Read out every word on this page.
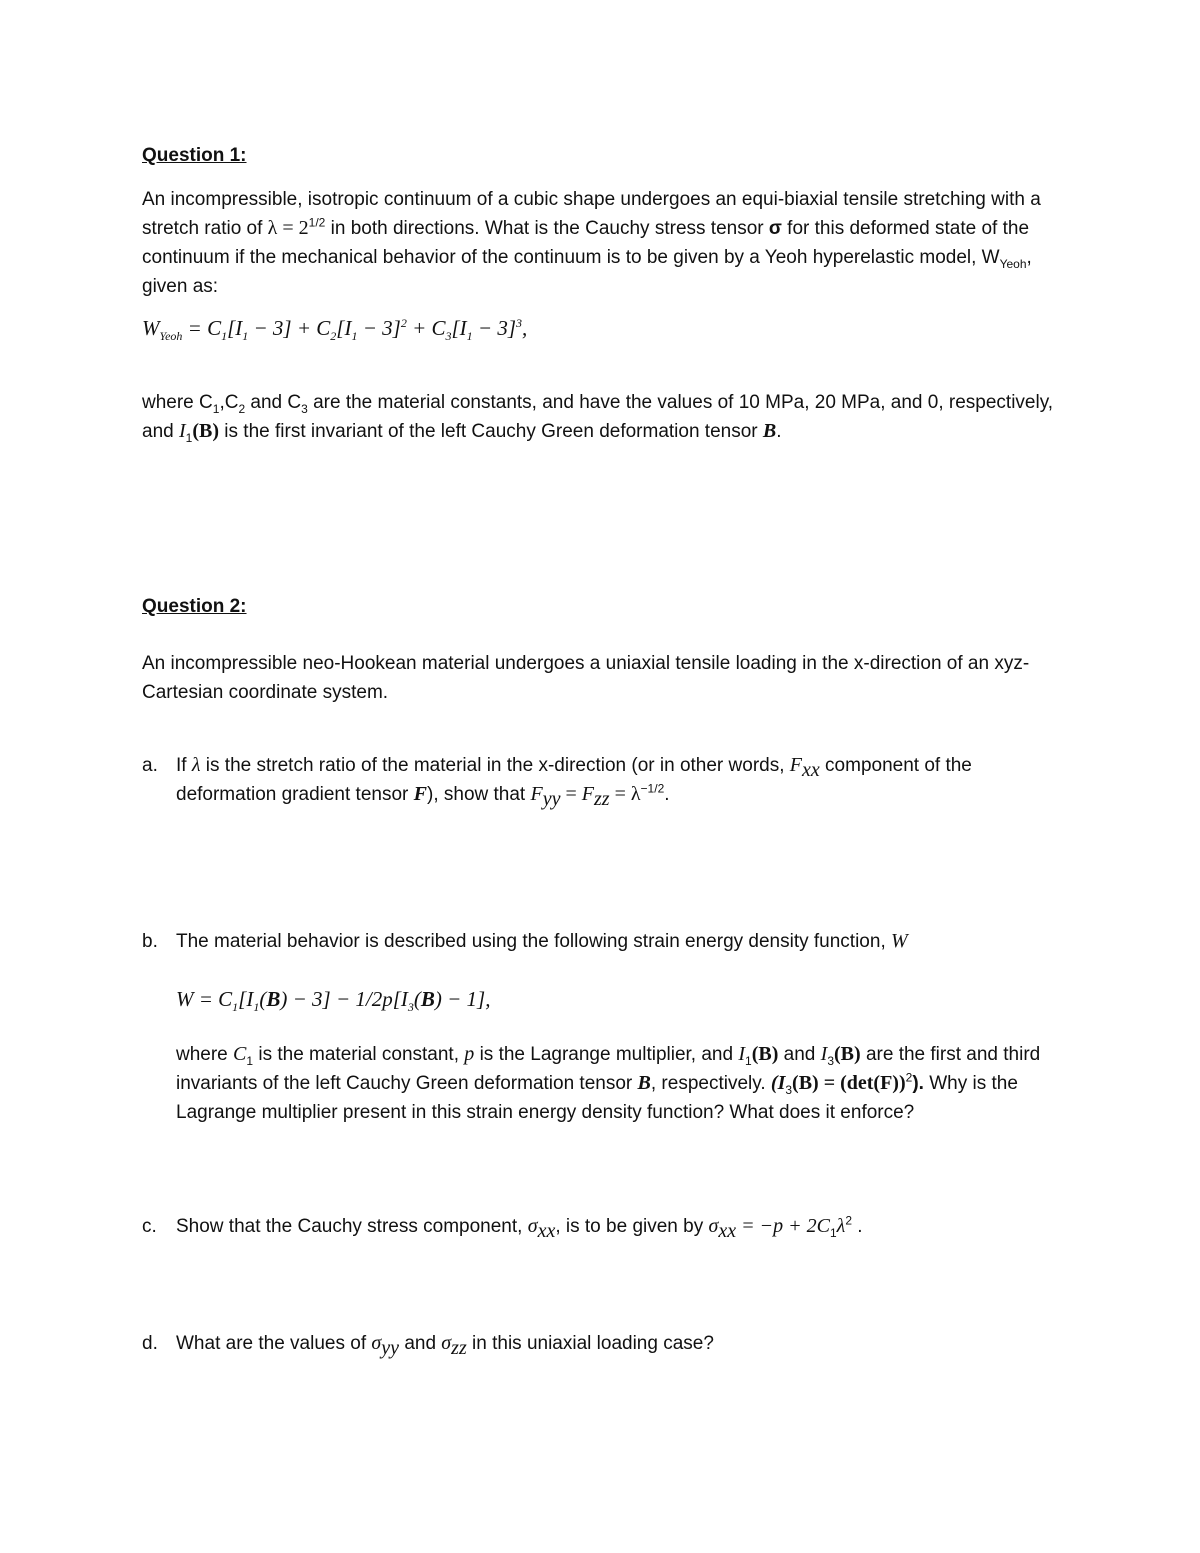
Question 1:

An incompressible, isotropic continuum of a cubic shape undergoes an equi-biaxial tensile stretching with a stretch ratio of $\lambda = 2^{1/2}$ in both directions. What is the Cauchy stress tensor σ for this deformed state of the continuum if the mechanical behavior of the continuum is to be given by a Yeoh hyperelastic model, $W_{Yeoh}$, given as:

$W_{Yeoh} = C_1[I_1 - 3] + C_2[I_1 - 3]^2 + C_3[I_1 - 3]^3$,

where $C_1,C_2$ and $C_3$ are the material constants, and have the values of 10 MPa, 20 MPa, and 0, respectively, and $I_1(B)$ is the first invariant of the left Cauchy Green deformation tensor B.

Question 2:

An incompressible neo-Hookean material undergoes a uniaxial tensile loading in the x-direction of an xyz-Cartesian coordinate system.

a. If λ is the stretch ratio of the material in the x-direction (or in other words, $F_{xx}$ component of the deformation gradient tensor F), show that $F_{yy} = F_{zz} = \lambda^{-1/2}$.

b. The material behavior is described using the following strain energy density function, W

$W = C_1[I_1(B) - 3] - 1/2p[I_3(B) - 1]$,

where $C_1$ is the material constant, p is the Lagrange multiplier, and $I_1(B)$ and $I_3(B)$ are the first and third invariants of the left Cauchy Green deformation tensor B, respectively. $(I_3(B) = (\det(F))^2)$. Why is the Lagrange multiplier present in this strain energy density function? What does it enforce?

c. Show that the Cauchy stress component, $\sigma_{xx}$, is to be given by $\sigma_{xx} = -p + 2C_1\lambda^2$ .

d. What are the values of $\sigma_{yy}$ and $\sigma_{zz}$ in this uniaxial loading case?
